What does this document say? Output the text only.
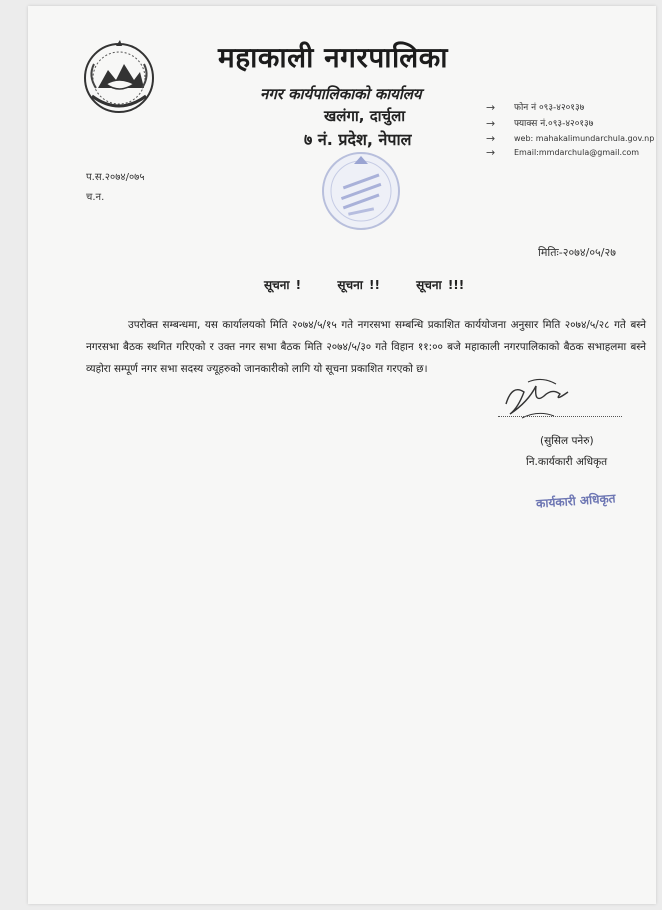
महाकाली नगरपालिका
नगर कार्यपालिकाको कार्यालय
खलंगा, दार्चुला
७ नं. प्रदेश, नेपाल
→ फोन नं ०९३-४२०१३७
→ फ्याक्स नं.०९३-४२०१३७
→ web: mahakalimundarchula.gov.np
→ Email:mmdarchula@gmail.com
प.स.२०७४/०७५
च.न.
मितिः-२०७४/०५/२७
सूचना !	सूचना !!	सूचना !!!

उपरोक्त सम्बन्धमा, यस कार्यालयको मिति २०७४/५/१५ गते नगरसभा सम्बन्धि प्रकाशित कार्ययोजना अनुसार मिति २०७४/५/२८ गते बस्ने नगरसभा बैठक स्थगित गरिएको र उक्त नगर सभा बैठक मिति २०७४/५/३० गते विहान ११:०० बजे महाकाली नगरपालिकाको बैठक सभाहलमा बस्ने व्यहोरा सम्पूर्ण नगर सभा सदस्य ज्यूहरुको जानकारीको लागि यो सूचना प्रकाशित गरएको छ।

(सुसिल पनेरु)
नि.कार्यकारी अधिकृत
कार्यकारी अधिकृत
